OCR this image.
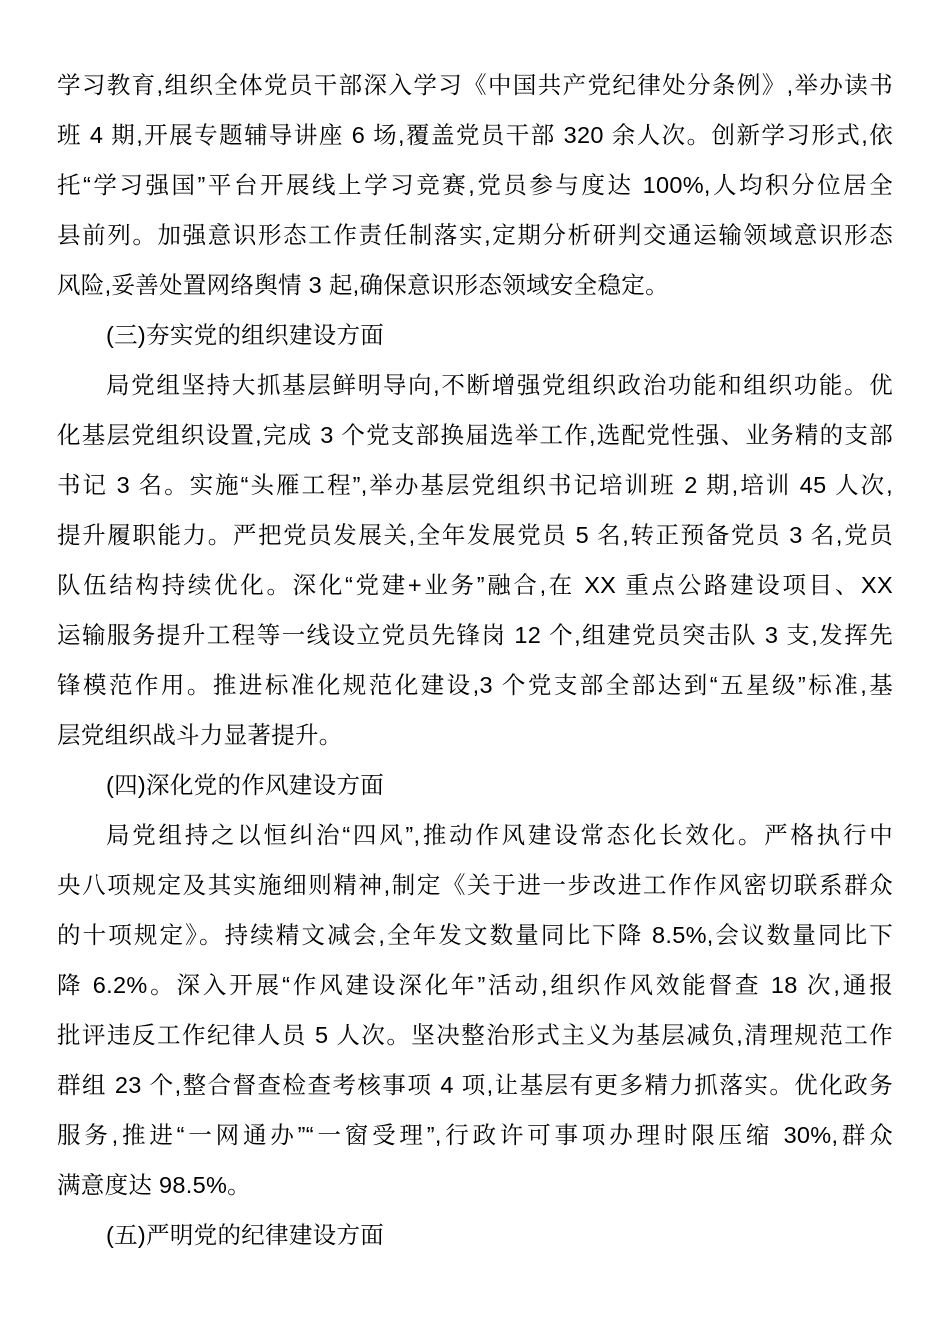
学习教育,组织全体党员干部深入学习《中国共产党纪律处分条例》,举办读书
班 4 期,开展专题辅导讲座 6 场,覆盖党员干部 320 余人次。创新学习形式,依
托“学习强国”平台开展线上学习竞赛,党员参与度达 100%,人均积分位居全
县前列。加强意识形态工作责任制落实,定期分析研判交通运输领域意识形态
风险,妥善处置网络舆情 3 起,确保意识形态领域安全稳定。
(三)夯实党的组织建设方面
局党组坚持大抓基层鲜明导向,不断增强党组织政治功能和组织功能。优
化基层党组织设置,完成 3 个党支部换届选举工作,选配党性强、业务精的支部
书记 3 名。实施“头雁工程”,举办基层党组织书记培训班 2 期,培训 45 人次,
提升履职能力。严把党员发展关,全年发展党员 5 名,转正预备党员 3 名,党员
队伍结构持续优化。深化“党建+业务”融合,在 XX 重点公路建设项目、XX
运输服务提升工程等一线设立党员先锋岗 12 个,组建党员突击队 3 支,发挥先
锋模范作用。推进标准化规范化建设,3 个党支部全部达到“五星级”标准,基
层党组织战斗力显著提升。
(四)深化党的作风建设方面
局党组持之以恒纠治“四风”,推动作风建设常态化长效化。严格执行中
央八项规定及其实施细则精神,制定《关于进一步改进工作作风密切联系群众
的十项规定》。持续精文减会,全年发文数量同比下降 8.5%,会议数量同比下
降 6.2%。深入开展“作风建设深化年”活动,组织作风效能督查 18 次,通报
批评违反工作纪律人员 5 人次。坚决整治形式主义为基层减负,清理规范工作
群组 23 个,整合督查检查考核事项 4 项,让基层有更多精力抓落实。优化政务
服务,推进“一网通办”“一窗受理”,行政许可事项办理时限压缩 30%,群众
满意度达 98.5%。
(五)严明党的纪律建设方面
